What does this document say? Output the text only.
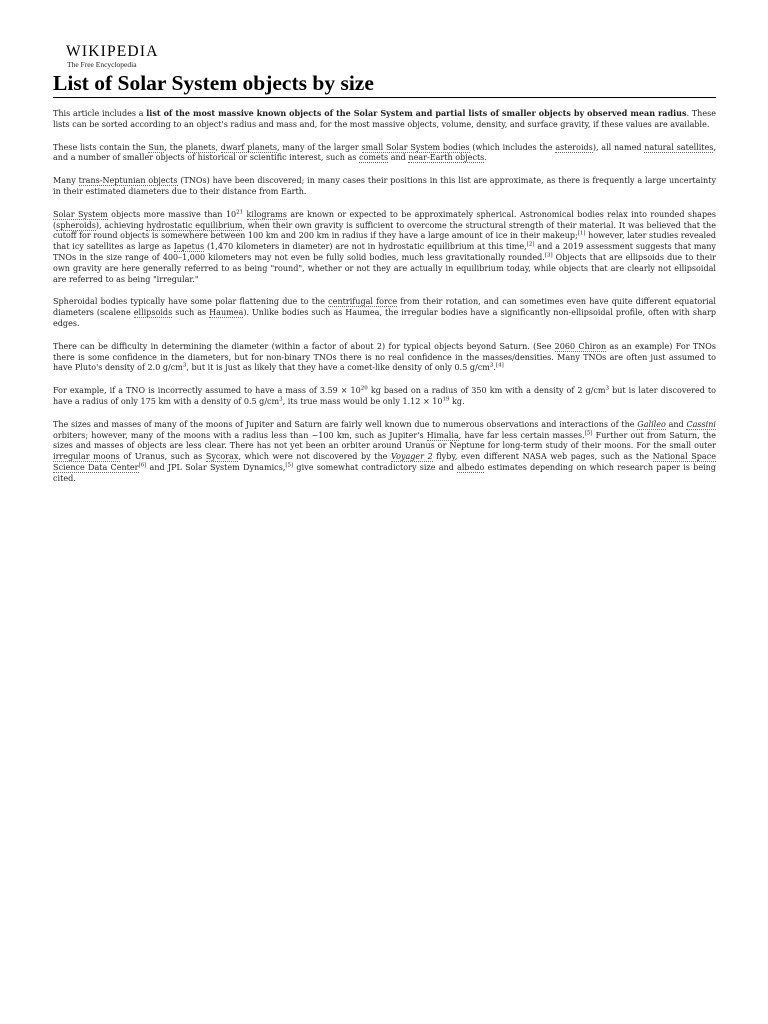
WIKIPEDIA
The Free Encyclopedia
List of Solar System objects by size

This article includes a list of the most massive known objects of the Solar System and partial lists of smaller objects by observed mean radius. These lists can be sorted according to an object's radius and mass and, for the most massive objects, volume, density, and surface gravity, if these values are available.

These lists contain the Sun, the planets, dwarf planets, many of the larger small Solar System bodies (which includes the asteroids), all named natural satellites, and a number of smaller objects of historical or scientific interest, such as comets and near-Earth objects.

Many trans-Neptunian objects (TNOs) have been discovered; in many cases their positions in this list are approximate, as there is frequently a large uncertainty in their estimated diameters due to their distance from Earth.

Solar System objects more massive than $10^{21}$ kilograms are known or expected to be approximately spherical. Astronomical bodies relax into rounded shapes (spheroids), achieving hydrostatic equilibrium, when their own gravity is sufficient to overcome the structural strength of their material. It was believed that the cutoff for round objects is somewhere between 100 km and 200 km in radius if they have a large amount of ice in their makeup;[1] however, later studies revealed that icy satellites as large as Iapetus (1,470 kilometers in diameter) are not in hydrostatic equilibrium at this time,[2] and a 2019 assessment suggests that many TNOs in the size range of 400–1,000 kilometers may not even be fully solid bodies, much less gravitationally rounded.[3] Objects that are ellipsoids due to their own gravity are here generally referred to as being "round", whether or not they are actually in equilibrium today, while objects that are clearly not ellipsoidal are referred to as being "irregular."

Spheroidal bodies typically have some polar flattening due to the centrifugal force from their rotation, and can sometimes even have quite different equatorial diameters (scalene ellipsoids such as Haumea). Unlike bodies such as Haumea, the irregular bodies have a significantly non-ellipsoidal profile, often with sharp edges.

There can be difficulty in determining the diameter (within a factor of about 2) for typical objects beyond Saturn. (See 2060 Chiron as an example) For TNOs there is some confidence in the diameters, but for non-binary TNOs there is no real confidence in the masses/densities. Many TNOs are often just assumed to have Pluto's density of 2.0 $g/cm^3$, but it is just as likely that they have a comet-like density of only 0.5 $g/cm^3.[4]$

For example, if a TNO is incorrectly assumed to have a mass of $3.59 \times 10^{20}$ kg based on a radius of 350 km with a density of 2 $g/cm^3$ but is later discovered to have a radius of only 175 km with a density of 0.5 $g/cm^3$, its true mass would be only $1.12 \times 10^{19}$ kg.

The sizes and masses of many of the moons of Jupiter and Saturn are fairly well known due to numerous observations and interactions of the Galileo and Cassini orbiters; however, many of the moons with a radius less than ~100 km, such as Jupiter's Himalia, have far less certain masses.[5] Further out from Saturn, the sizes and masses of objects are less clear. There has not yet been an orbiter around Uranus or Neptune for long-term study of their moons. For the small outer irregular moons of Uranus, such as Sycorax, which were not discovered by the Voyager 2 flyby, even different NASA web pages, such as the National Space Science Data Center[6] and JPL Solar System Dynamics,[5] give somewhat contradictory size and albedo estimates depending on which research paper is being cited.
